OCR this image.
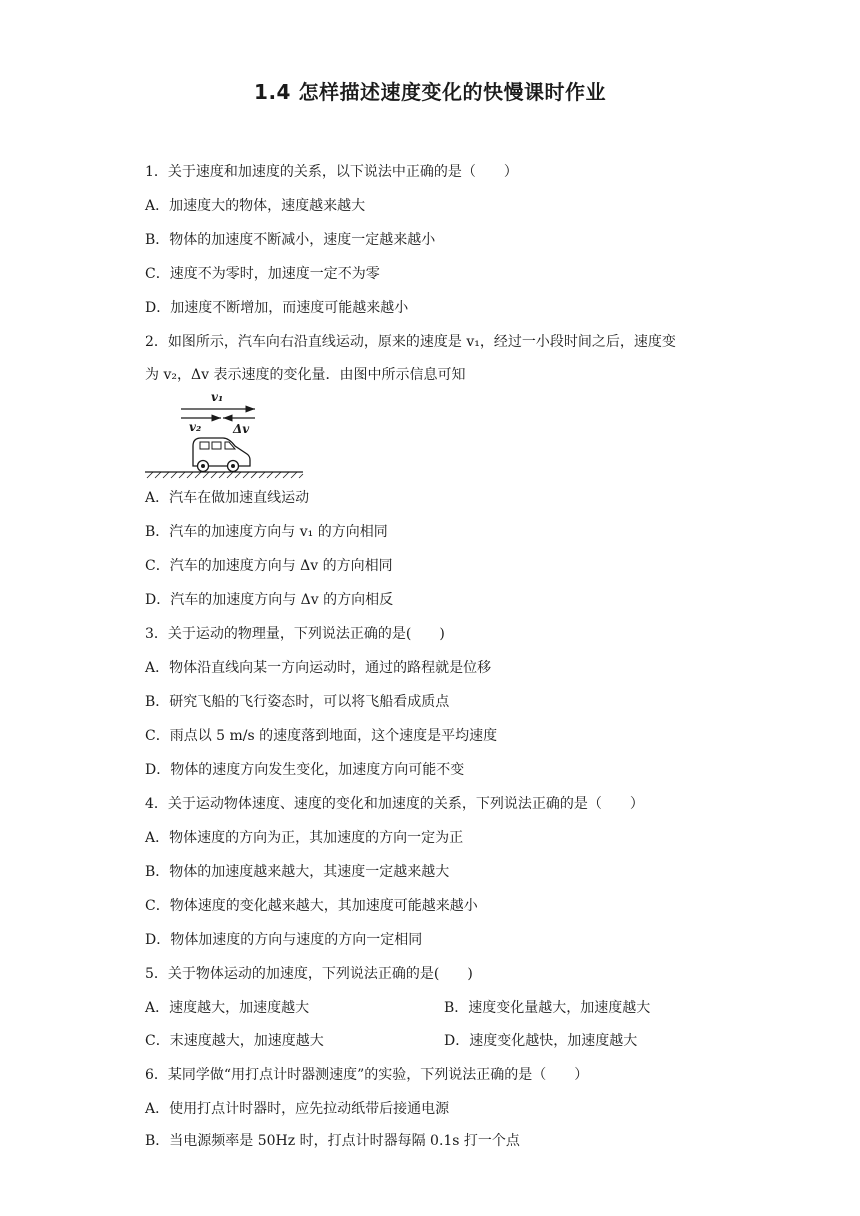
1.4 怎样描述速度变化的快慢课时作业
1．关于速度和加速度的关系，以下说法中正确的是（　　）
A．加速度大的物体，速度越来越大
B．物体的加速度不断减小，速度一定越来越小
C．速度不为零时，加速度一定不为零
D．加速度不断增加，而速度可能越来越小
2．如图所示，汽车向右沿直线运动，原来的速度是 v₁，经过一小段时间之后，速度变
为 v₂，Δv 表示速度的变化量．由图中所示信息可知
v₁
v₂	Δv
A．汽车在做加速直线运动
B．汽车的加速度方向与 v₁ 的方向相同
C．汽车的加速度方向与 Δv 的方向相同
D．汽车的加速度方向与 Δv 的方向相反
3．关于运动的物理量，下列说法正确的是(　　)
A．物体沿直线向某一方向运动时，通过的路程就是位移
B．研究飞船的飞行姿态时，可以将飞船看成质点
C．雨点以 5 m/s 的速度落到地面，这个速度是平均速度
D．物体的速度方向发生变化，加速度方向可能不变
4．关于运动物体速度、速度的变化和加速度的关系，下列说法正确的是（　　）
A．物体速度的方向为正，其加速度的方向一定为正
B．物体的加速度越来越大，其速度一定越来越大
C．物体速度的变化越来越大，其加速度可能越来越小
D．物体加速度的方向与速度的方向一定相同
5．关于物体运动的加速度，下列说法正确的是(　　)
A．速度越大，加速度越大	B．速度变化量越大，加速度越大
C．末速度越大，加速度越大	D．速度变化越快，加速度越大
6．某同学做“用打点计时器测速度”的实验，下列说法正确的是（　　）
A．使用打点计时器时，应先拉动纸带后接通电源
B．当电源频率是 50Hz 时，打点计时器每隔 0.1s 打一个点
